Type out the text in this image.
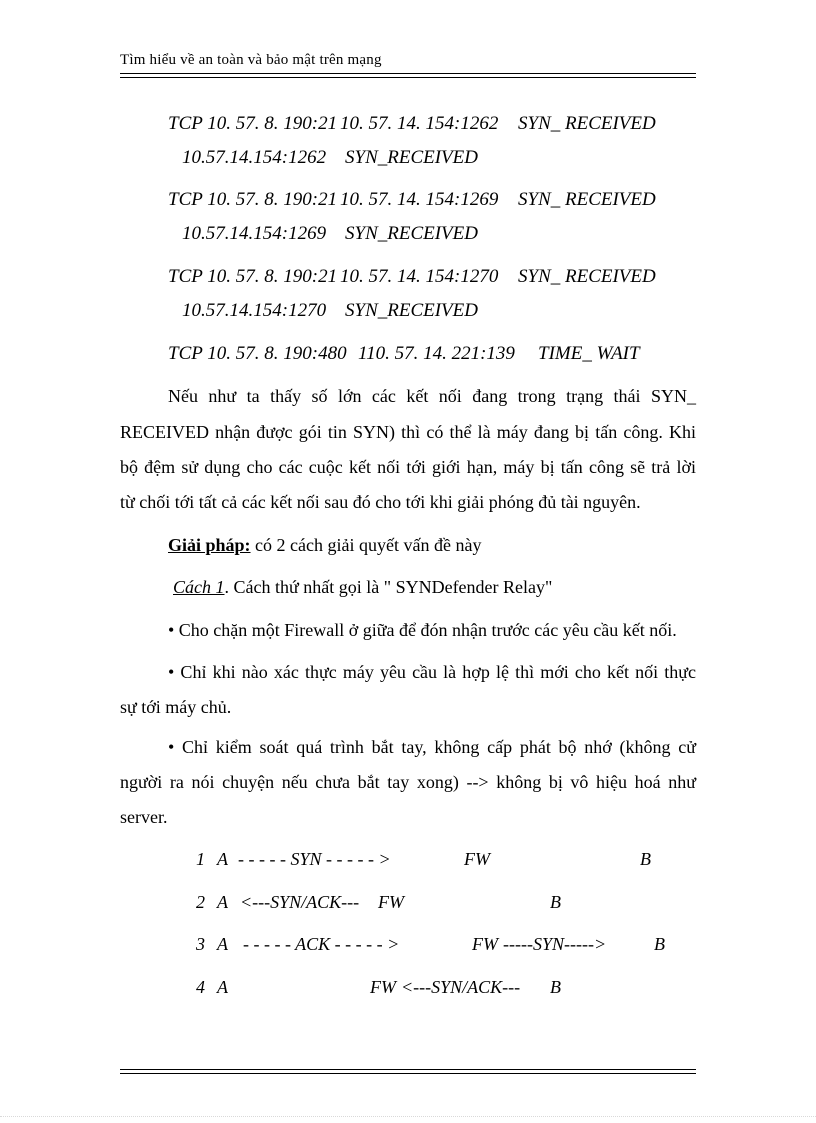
Tìm hiểu về an toàn và bảo mật trên mạng
TCP 10. 57. 8. 190:21 10. 57. 14. 154:1262 SYN_ RECEIVED
10.57.14.154:1262 SYN_RECEIVED
TCP 10. 57. 8. 190:21 10. 57. 14. 154:1269 SYN_ RECEIVED
10.57.14.154:1269 SYN_RECEIVED
TCP 10. 57. 8. 190:21 10. 57. 14. 154:1270 SYN_ RECEIVED
10.57.14.154:1270 SYN_RECEIVED
TCP 10. 57. 8. 190:480 110. 57. 14. 221:139 TIME_ WAIT
Nếu như ta thấy số lớn các kết nối đang trong trạng thái SYN_
RECEIVED nhận được gói tin SYN) thì có thể là máy đang bị tấn công. Khi
bộ đệm sử dụng cho các cuộc kết nối tới giới hạn, máy bị tấn công sẽ trả lời
từ chối tới tất cả các kết nối sau đó cho tới khi giải phóng đủ tài nguyên.
Giải pháp: có 2 cách giải quyết vấn đề này
Cách 1. Cách thứ nhất gọi là " SYNDefender Relay"
• Cho chặn một Firewall ở giữa để đón nhận trước các yêu cầu kết nối.
• Chỉ khi nào xác thực máy yêu cầu là hợp lệ thì mới cho kết nối thực
sự tới máy chủ.
• Chỉ kiểm soát quá trình bắt tay, không cấp phát bộ nhớ (không cử
người ra nói chuyện nếu chưa bắt tay xong) --> không bị vô hiệu hoá như
server.
1 A - - - - - SYN - - - - - >	FW	B
2 A <---SYN/ACK--- FW	B
3 A - - - - - ACK - - - - - >	FW -----SYN----->	B
4 A	FW <---SYN/ACK--- B
